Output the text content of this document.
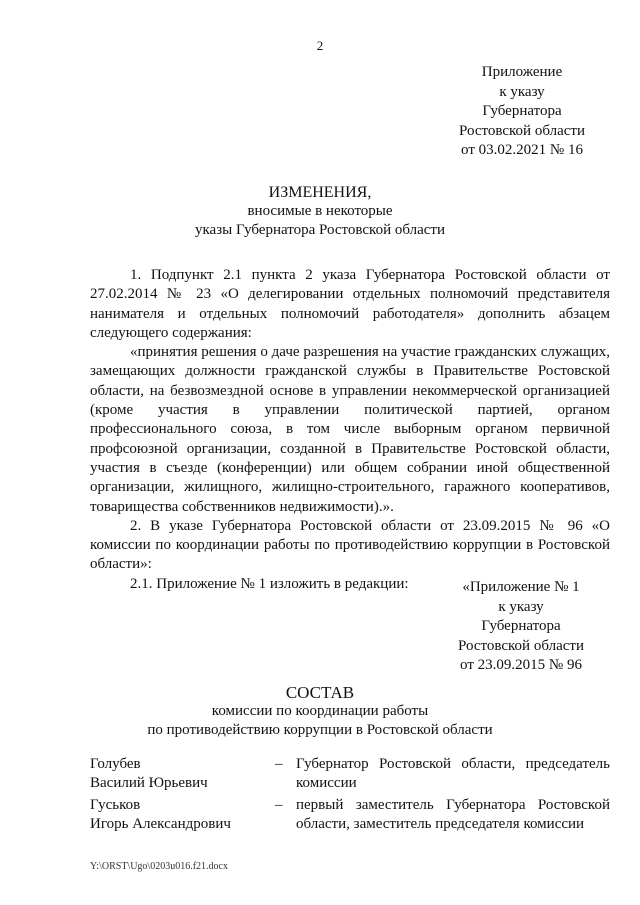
2
Приложение
к указу
Губернатора
Ростовской области
от 03.02.2021 № 16
ИЗМЕНЕНИЯ,
вносимые в некоторые
указы Губернатора Ростовской области

1. Подпункт 2.1 пункта 2 указа Губернатора Ростовской области от 27.02.2014 № 23 «О делегировании отдельных полномочий представителя нанимателя и отдельных полномочий работодателя» дополнить абзацем следующего содержания:

«принятия решения о даче разрешения на участие гражданских служащих, замещающих должности гражданской службы в Правительстве Ростовской области, на безвозмездной основе в управлении некоммерческой организацией (кроме участия в управлении политической партией, органом профессионального союза, в том числе выборным органом первичной профсоюзной организации, созданной в Правительстве Ростовской области, участия в съезде (конференции) или общем собрании иной общественной организации, жилищного, жилищно-строительного, гаражного кооперативов, товарищества собственников недвижимости).».

2. В указе Губернатора Ростовской области от 23.09.2015 № 96 «О комиссии по координации работы по противодействию коррупции в Ростовской области»:

2.1. Приложение № 1 изложить в редакции:	«Приложение № 1
к указу
Губернатора
Ростовской области
от 23.09.2015 № 96
СОСТАВ
комиссии по координации работы
по противодействию коррупции в Ростовской области
Голубев
Василий Юрьевич
– Губернатор Ростовской области, председатель комиссии
Гуськов
Игорь Александрович
– первый заместитель Губернатора Ростовской области, заместитель председателя комиссии
Y:\ORST\Ugo\0203u016.f21.docx
